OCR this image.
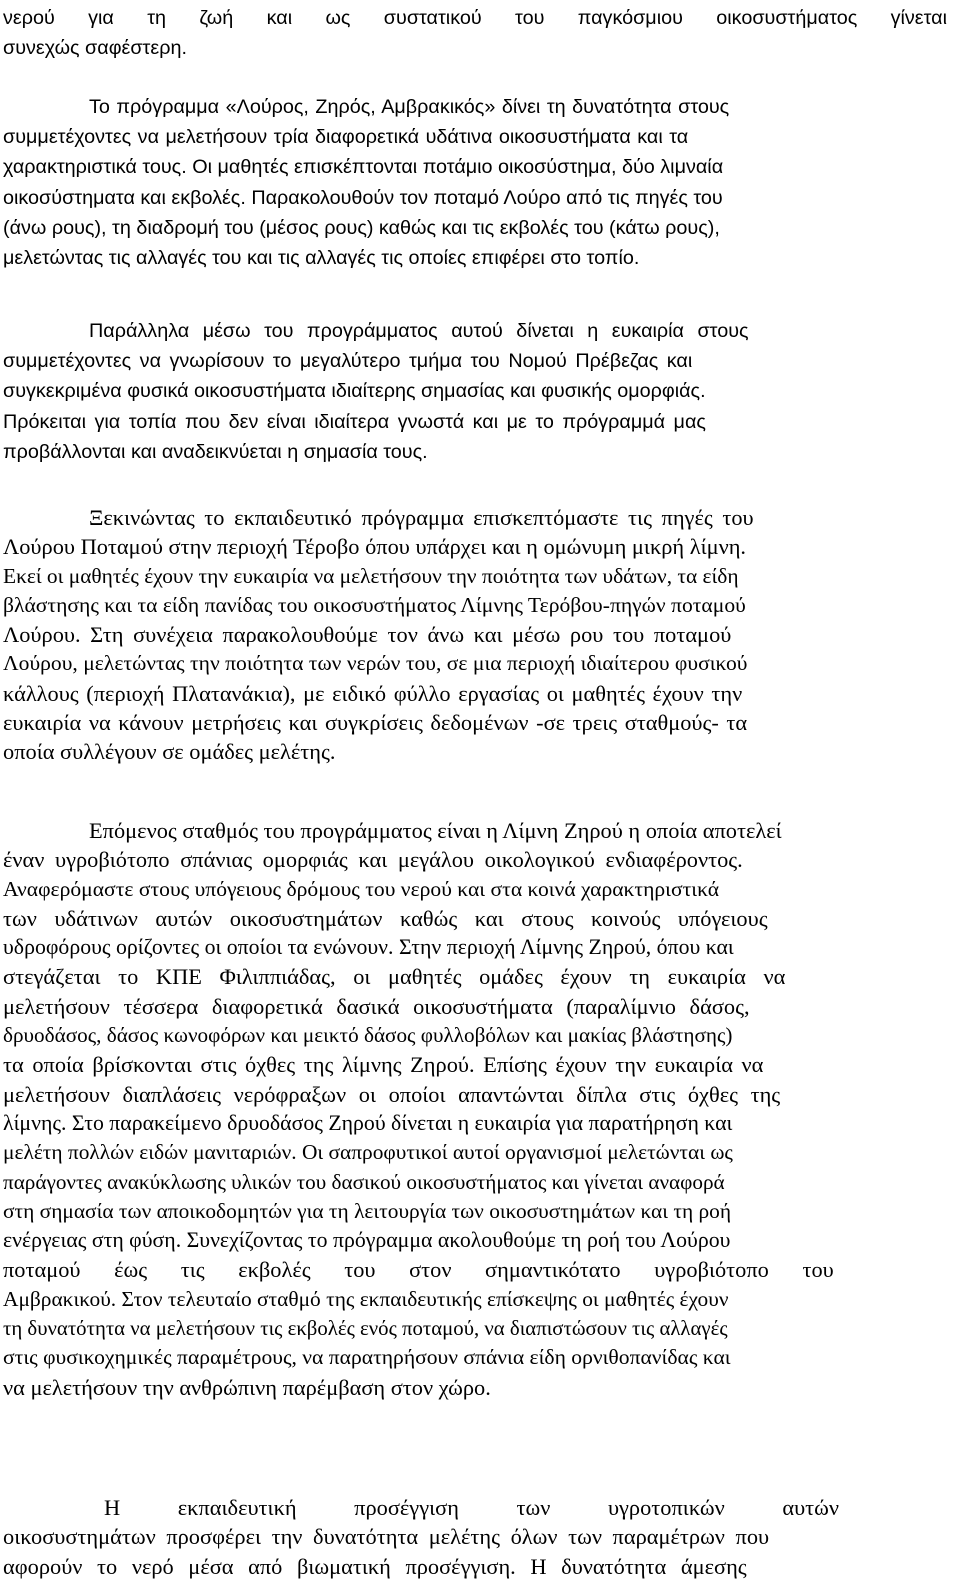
νερού για τη ζωή και ως συστατικού του παγκόσμιου οικοσυστήματος γίνεται
συνεχώς σαφέστερη.
Το πρόγραμμα «Λούρος, Ζηρός, Αμβρακικός» δίνει τη δυνατότητα στους
συμμετέχοντες να μελετήσουν τρία διαφορετικά υδάτινα οικοσυστήματα και τα
χαρακτηριστικά τους. Οι μαθητές επισκέπτονται ποτάμιο οικοσύστημα, δύο λιμναία
οικοσύστηματα και εκβολές. Παρακολουθούν τον ποταμό Λούρο από τις πηγές του
(άνω ρους), τη διαδρομή του (μέσος ρους) καθώς και τις εκβολές του (κάτω ρους),
μελετώντας τις αλλαγές του και τις αλλαγές τις οποίες επιφέρει στο τοπίο.
Παράλληλα μέσω του προγράμματος αυτού δίνεται η ευκαιρία στους
συμμετέχοντες να γνωρίσουν το μεγαλύτερο τμήμα του Νομού Πρέβεζας και
συγκεκριμένα φυσικά οικοσυστήματα ιδιαίτερης σημασίας και φυσικής ομορφιάς.
Πρόκειται για τοπία που δεν είναι ιδιαίτερα γνωστά και με το πρόγραμμά μας
προβάλλονται και αναδεικνύεται η σημασία τους.
Ξεκινώντας το εκπαιδευτικό πρόγραμμα επισκεπτόμαστε τις πηγές του
Λούρου Ποταμού στην περιοχή Τέροβο όπου υπάρχει και η ομώνυμη μικρή λίμνη.
Εκεί οι μαθητές έχουν την ευκαιρία να μελετήσουν την ποιότητα των υδάτων, τα είδη
βλάστησης και τα είδη πανίδας του οικοσυστήματος Λίμνης Τερόβου-πηγών ποταμού
Λούρου. Στη συνέχεια παρακολουθούμε τον άνω και μέσω ρου του ποταμού
Λούρου, μελετώντας την ποιότητα των νερών του, σε μια περιοχή ιδιαίτερου φυσικού
κάλλους (περιοχή Πλατανάκια), με ειδικό φύλλο εργασίας οι μαθητές έχουν την
ευκαιρία να κάνουν μετρήσεις και συγκρίσεις δεδομένων -σε τρεις σταθμούς- τα
οποία συλλέγουν σε ομάδες μελέτης.
Επόμενος σταθμός του προγράμματος είναι η Λίμνη Ζηρού η οποία αποτελεί
έναν υγροβιότοπο σπάνιας ομορφιάς και μεγάλου οικολογικού ενδιαφέροντος.
Αναφερόμαστε στους υπόγειους δρόμους του νερού και στα κοινά χαρακτηριστικά
των υδάτινων αυτών οικοσυστημάτων καθώς και στους κοινούς υπόγειους
υδροφόρους ορίζοντες οι οποίοι τα ενώνουν. Στην περιοχή Λίμνης Ζηρού, όπου και
στεγάζεται το ΚΠΕ Φιλιππιάδας, οι μαθητές ομάδες έχουν τη ευκαιρία να
μελετήσουν τέσσερα διαφορετικά δασικά οικοσυστήματα (παραλίμνιο δάσος,
δρυοδάσος, δάσος κωνοφόρων και μεικτό δάσος φυλλοβόλων και μακίας βλάστησης)
τα οποία βρίσκονται στις όχθες της λίμνης Ζηρού. Επίσης έχουν την ευκαιρία να
μελετήσουν διαπλάσεις νερόφραξων οι οποίοι απαντώνται δίπλα στις όχθες της
λίμνης. Στο παρακείμενο δρυοδάσος Ζηρού δίνεται η ευκαιρία για παρατήρηση και
μελέτη πολλών ειδών μανιταριών. Οι σαπροφυτικοί αυτοί οργανισμοί μελετώνται ως
παράγοντες ανακύκλωσης υλικών του δασικού οικοσυστήματος και γίνεται αναφορά
στη σημασία των αποικοδομητών για τη λειτουργία των οικοσυστημάτων και τη ροή
ενέργειας στη φύση. Συνεχίζοντας το πρόγραμμα ακολουθούμε τη ροή του Λούρου
ποταμού έως τις εκβολές του στον σημαντικότατο υγροβιότοπο του
Αμβρακικού. Στον τελευταίο σταθμό της εκπαιδευτικής επίσκεψης οι μαθητές έχουν
τη δυνατότητα να μελετήσουν τις εκβολές ενός ποταμού, να διαπιστώσουν τις αλλαγές
στις φυσικοχημικές παραμέτρους, να παρατηρήσουν σπάνια είδη ορνιθοπανίδας και
να μελετήσουν την ανθρώπινη παρέμβαση στον χώρο.
Η εκπαιδευτική προσέγγιση των υγροτοπικών αυτών
οικοσυστημάτων προσφέρει την δυνατότητα μελέτης όλων των παραμέτρων που
αφορούν το νερό μέσα από βιωματική προσέγγιση. Η δυνατότητα άμεσης
